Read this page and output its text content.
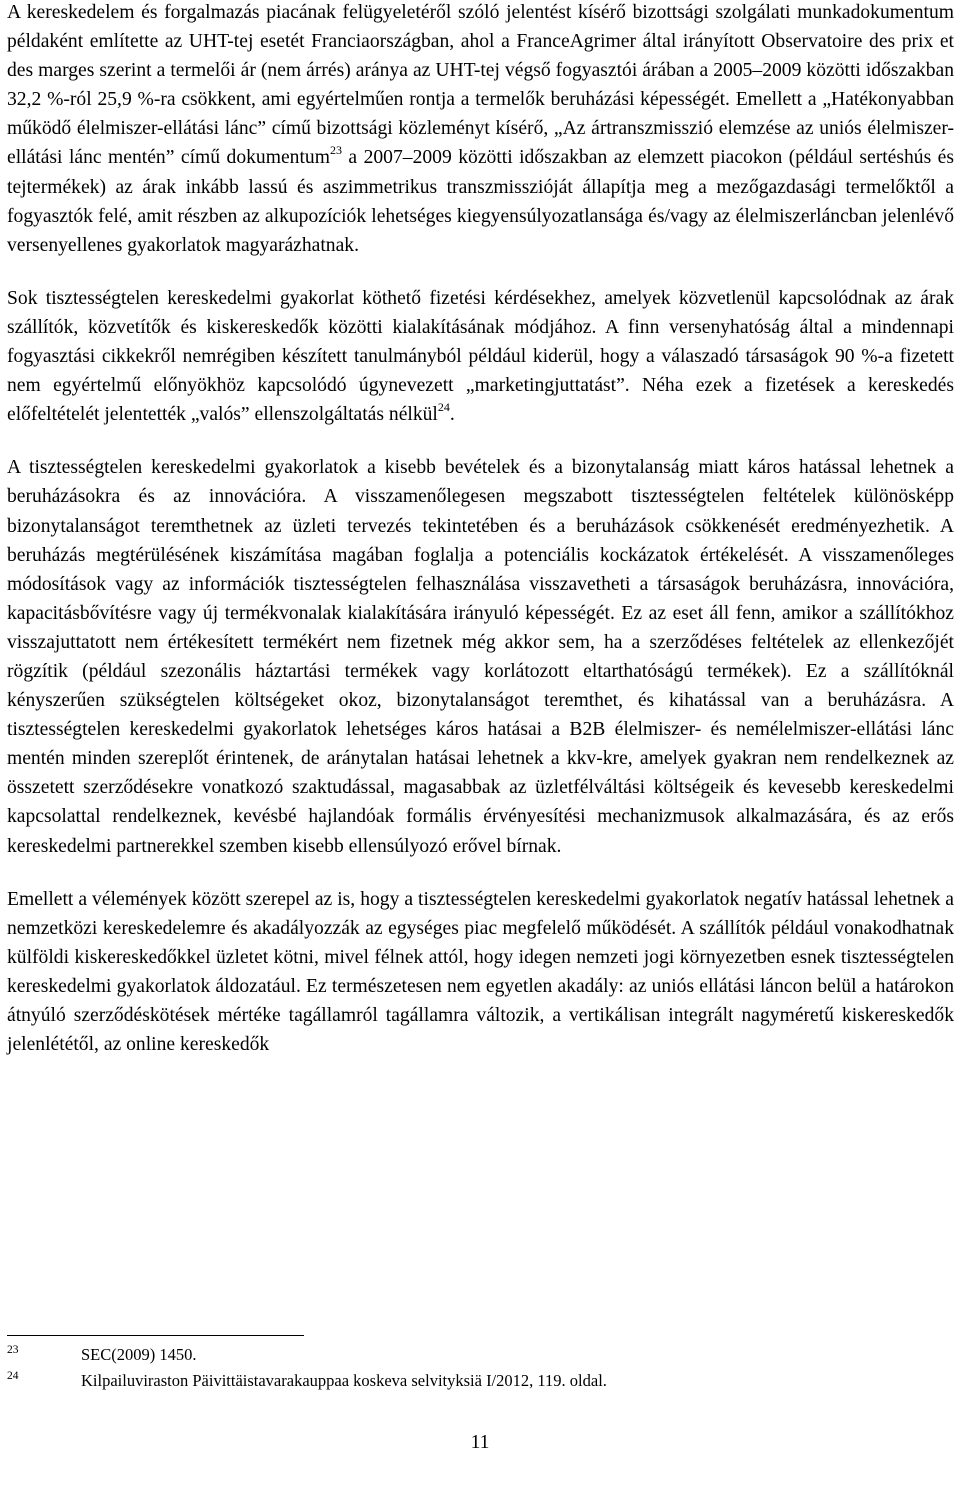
A kereskedelem és forgalmazás piacának felügyeletéről szóló jelentést kísérő bizottsági szolgálati munkadokumentum példaként említette az UHT-tej esetét Franciaországban, ahol a FranceAgrimer által irányított Observatoire des prix et des marges szerint a termelői ár (nem árrés) aránya az UHT-tej végső fogyasztói árában a 2005–2009 közötti időszakban 32,2 %-ról 25,9 %-ra csökkent, ami egyértelműen rontja a termelők beruházási képességét. Emellett a „Hatékonyabban működő élelmiszer-ellátási lánc” című bizottsági közleményt kísérő, „Az ártranszmisszió elemzése az uniós élelmiszer-ellátási lánc mentén” című dokumentum$^{23}$ a 2007–2009 közötti időszakban az elemzett piacokon (például sertéshús és tejtermékek) az árak inkább lassú és aszimmetrikus transzmisszióját állapítja meg a mezőgazdasági termelőktől a fogyasztók felé, amit részben az alkupozíciók lehetséges kiegyensúlyozatlansága és/vagy az élelmiszerláncban jelenlévő versenyellenes gyakorlatok magyarázhatnak.

Sok tisztességtelen kereskedelmi gyakorlat köthető fizetési kérdésekhez, amelyek közvetlenül kapcsolódnak az árak szállítók, közvetítők és kiskereskedők közötti kialakításának módjához. A finn versenyhatóság által a mindennapi fogyasztási cikkekről nemrégiben készített tanulmányból például kiderül, hogy a válaszadó társaságok 90 %-a fizetett nem egyértelmű előnyökhöz kapcsolódó úgynevezett „marketingjuttatást”. Néha ezek a fizetések a kereskedés előfeltételét jelentették „valós” ellenszolgáltatás nélkül$^{24}$.

A tisztességtelen kereskedelmi gyakorlatok a kisebb bevételek és a bizonytalanság miatt káros hatással lehetnek a beruházásokra és az innovációra. A visszamenőlegesen megszabott tisztességtelen feltételek különösképp bizonytalanságot teremthetnek az üzleti tervezés tekintetében és a beruházások csökkenését eredményezhetik. A beruházás megtérülésének kiszámítása magában foglalja a potenciális kockázatok értékelését. A visszamenőleges módosítások vagy az információk tisztességtelen felhasználása visszavetheti a társaságok beruházásra, innovációra, kapacitásbővítésre vagy új termékvonalak kialakítására irányuló képességét. Ez az eset áll fenn, amikor a szállítókhoz visszajuttatott nem értékesített termékért nem fizetnek még akkor sem, ha a szerződéses feltételek az ellenkezőjét rögzítik (például szezonális háztartási termékek vagy korlátozott eltarthatóságú termékek). Ez a szállítóknál kényszerűen szükségtelen költségeket okoz, bizonytalanságot teremthet, és kihatással van a beruházásra. A tisztességtelen kereskedelmi gyakorlatok lehetséges káros hatásai a B2B élelmiszer- és nemélelmiszer-ellátási lánc mentén minden szereplőt érintenek, de aránytalan hatásai lehetnek a kkv-kre, amelyek gyakran nem rendelkeznek az összetett szerződésekre vonatkozó szaktudással, magasabbak az üzletfélváltási költségeik és kevesebb kereskedelmi kapcsolattal rendelkeznek, kevésbé hajlandóak formális érvényesítési mechanizmusok alkalmazására, és az erős kereskedelmi partnerekkel szemben kisebb ellensúlyozó erővel bírnak.

Emellett a vélemények között szerepel az is, hogy a tisztességtelen kereskedelmi gyakorlatok negatív hatással lehetnek a nemzetközi kereskedelemre és akadályozzák az egységes piac megfelelő működését. A szállítók például vonakodhatnak külföldi kiskereskedőkkel üzletet kötni, mivel félnek attól, hogy idegen nemzeti jogi környezetben esnek tisztességtelen kereskedelmi gyakorlatok áldozatául. Ez természetesen nem egyetlen akadály: az uniós ellátási láncon belül a határokon átnyúló szerződéskötések mértéke tagállamról tagállamra változik, a vertikálisan integrált nagyméretű kiskereskedők jelenlététől, az online kereskedők

23	SEC(2009) 1450.
24	Kilpailuviraston Päivittäistavarakauppaa koskeva selvityksiä I/2012, 119. oldal.
11
